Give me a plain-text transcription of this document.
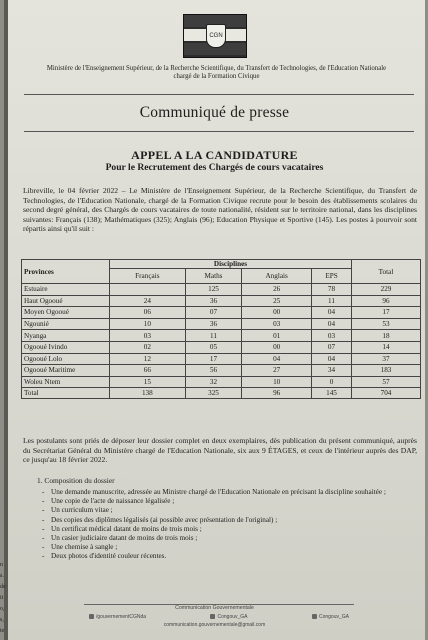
CGN
Ministère de l'Enseignement Supérieur, de la Recherche Scientifique, du Transfert de Technologies, de l'Education Nationale chargé de la Formation Civique
Communiqué de presse
APPEL A LA CANDIDATURE
Pour le Recrutement des Chargés de cours vacataires
Libreville, le 04 février 2022 – Le Ministère de l'Enseignement Supérieur, de la Recherche Scientifique, du Transfert de Technologies, de l'Education Nationale, chargé de la Formation Civique recrute pour le besoin des établissements scolaires du second degré général, des Chargés de cours vacataires de toute nationalité, résident sur le territoire national, dans les disciplines suivantes: Français (138); Mathématiques (325); Anglais (96); Education Physique et Sportive (145). Les postes à pourvoir sont répartis ainsi qu'il suit :
Provinces	Disciplines				Total
	Français	Maths	Anglais	EPS	
Estuaire		125	26	78	229
Haut Ogooué	24	36	25	11	96
Moyen Ogooué	06	07	00	04	17
Ngounié	10	36	03	04	53
Nyanga	03	11	01	03	18
Ogooué Ivindo	02	05	00	07	14
Ogooué Lolo	12	17	04	04	37
Ogooué Maritime	66	56	27	34	183
Woleu Ntem	15	32	10	0	57
Total	138	325	96	145	704
Les postulants sont priés de déposer leur dossier complet en deux exemplaires, dès publication du présent communiqué, auprès du Secrétariat Général du Ministère chargé de l'Education Nationale, six aux 9 ÉTAGES, et ceux de l'intérieur auprès des DAP, ce jusqu'au 18 février 2022.
1. Composition du dossier
- Une demande manuscrite, adressée au Ministre chargé de l'Education Nationale en précisant la discipline souhaitée ;
- Une copie de l'acte de naissance légalisée ;
- Un curriculum vitae ;
- Des copies des diplômes légalisés (ai possible avec présentation de l'original) ;
- Un certificat médical datant de moins de trois mois ;
- Un casier judiciaire datant de moins de trois mois ;
- Une chemise à sangle ;
- Deux photos d'identité couleur récentes.
Communication Gouvernementale
/gouvernementCGNda	Congouv_GA	Congouv_GA
communication.gouvernementale@gmail.com
n
s.
de
it
o,
s,
te
